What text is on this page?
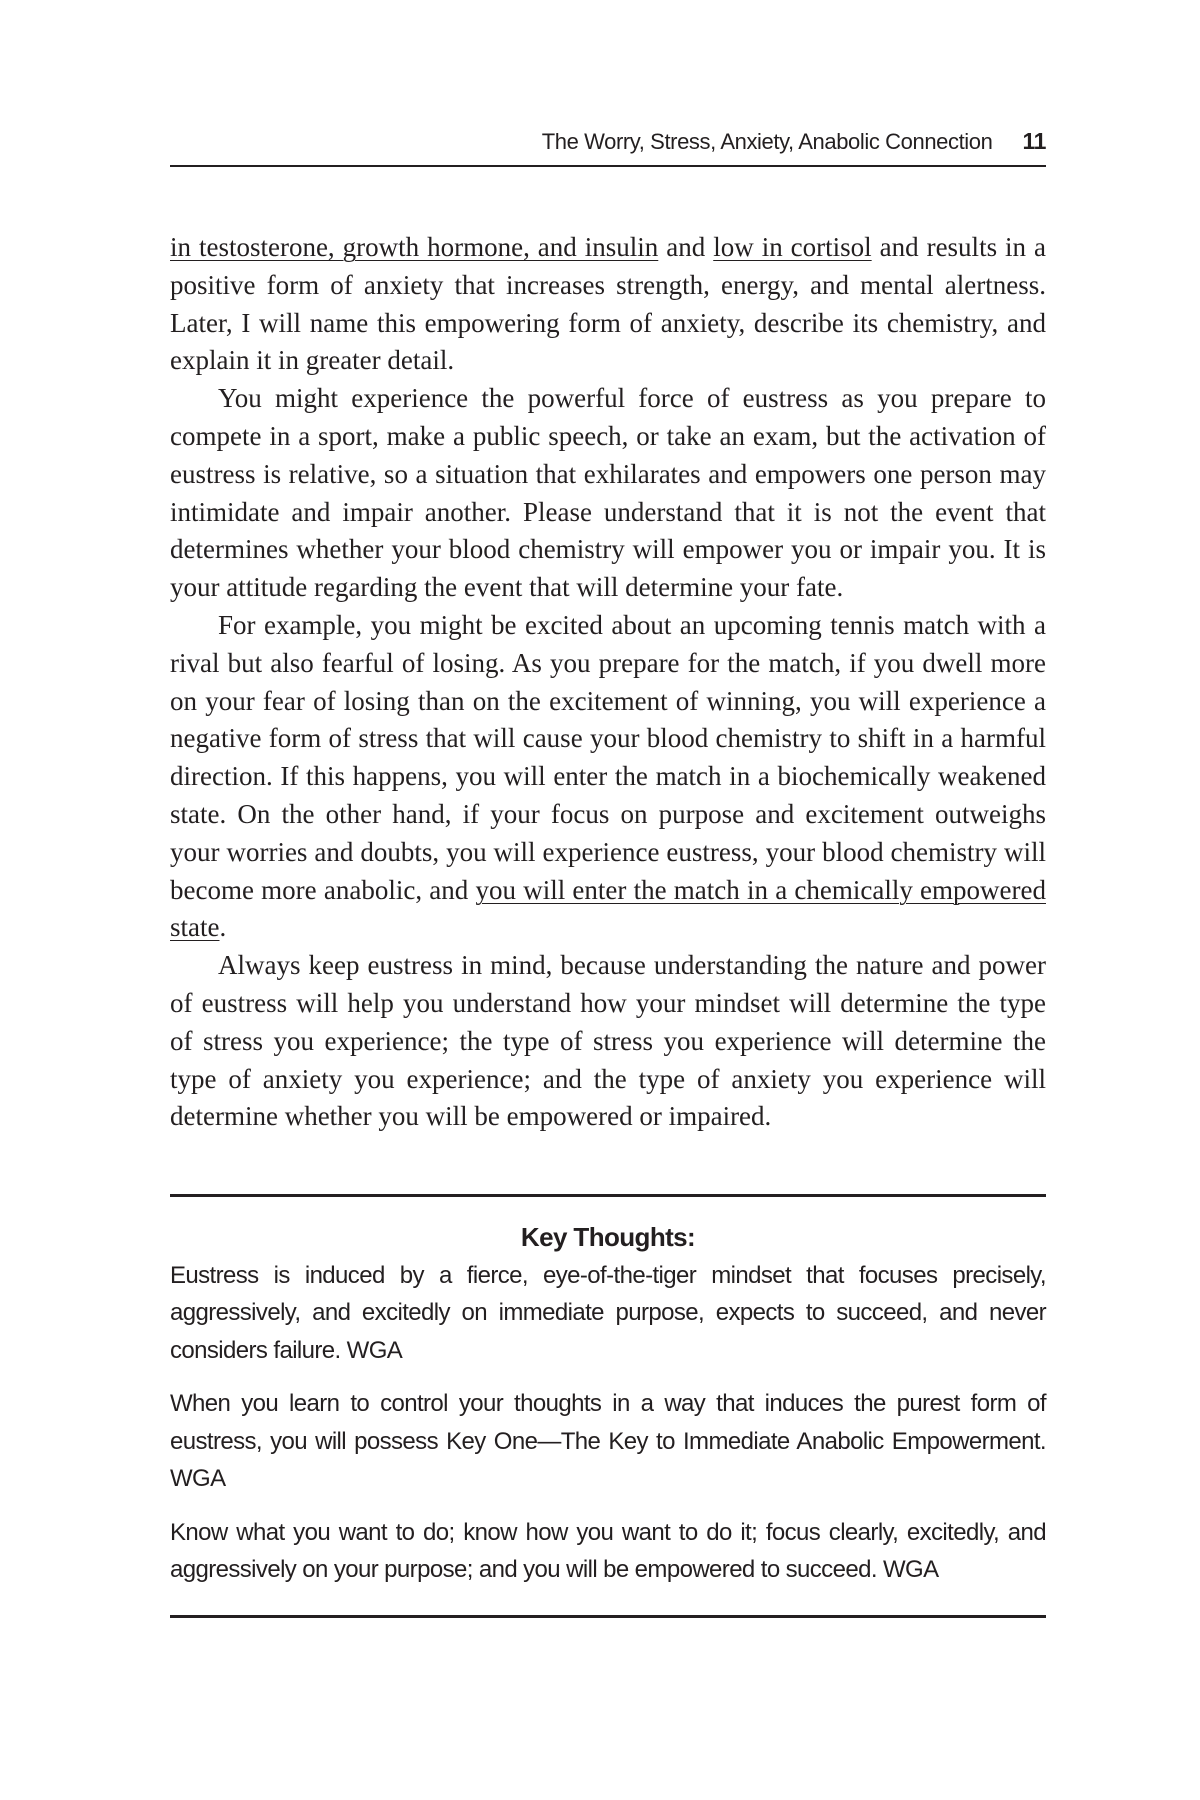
The Worry, Stress, Anxiety, Anabolic Connection 11

in testosterone, growth hormone, and insulin and low in cortisol and results in a positive form of anxiety that increases strength, energy, and mental alertness. Later, I will name this empowering form of anxiety, describe its chemistry, and explain it in greater detail.

You might experience the powerful force of eustress as you prepare to compete in a sport, make a public speech, or take an exam, but the activation of eustress is relative, so a situation that exhilarates and empowers one person may intimidate and impair another. Please understand that it is not the event that determines whether your blood chemistry will empower you or impair you. It is your attitude regarding the event that will determine your fate.

For example, you might be excited about an upcoming tennis match with a rival but also fearful of losing. As you prepare for the match, if you dwell more on your fear of losing than on the excitement of winning, you will experience a negative form of stress that will cause your blood chemistry to shift in a harmful direction. If this happens, you will enter the match in a biochemically weakened state. On the other hand, if your focus on purpose and excitement outweighs your worries and doubts, you will experience eustress, your blood chemistry will become more anabolic, and you will enter the match in a chemically empowered state.

Always keep eustress in mind, because understanding the nature and power of eustress will help you understand how your mindset will determine the type of stress you experience; the type of stress you experience will determine the type of anxiety you experience; and the type of anxiety you experience will determine whether you will be empowered or impaired.

Key Thoughts:

Eustress is induced by a fierce, eye-of-the-tiger mindset that focuses precisely, aggressively, and excitedly on immediate purpose, expects to succeed, and never considers failure. WGA

When you learn to control your thoughts in a way that induces the purest form of eustress, you will possess Key One—The Key to Immediate Anabolic Empowerment. WGA

Know what you want to do; know how you want to do it; focus clearly, excitedly, and aggressively on your purpose; and you will be empowered to succeed. WGA
